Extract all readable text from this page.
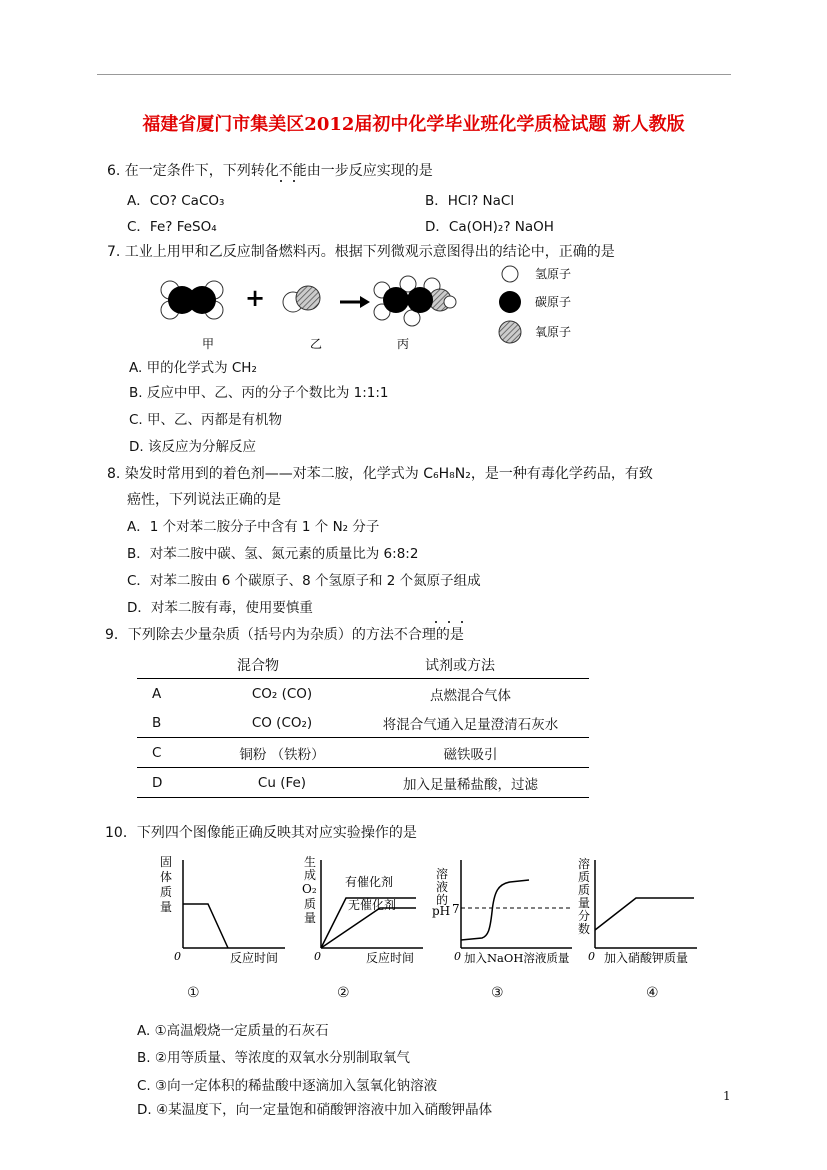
福建省厦门市集美区2012届初中化学毕业班化学质检试题 新人教版
6. 在一定条件下，下列转化不能由一步反应实现的是
A．CO? CaCO₃	B．HCl? NaCl
C．Fe? FeSO₄	D．Ca(OH)₂? NaOH
7. 工业上用甲和乙反应制备燃料丙。根据下列微观示意图得出的结论中，正确的是
+
甲	乙	丙
氢原子
碳原子
氧原子
A. 甲的化学式为 CH₂
B. 反应中甲、乙、丙的分子个数比为 1:1:1
C. 甲、乙、丙都是有机物
D. 该反应为分解反应
8. 染发时常用到的着色剂——对苯二胺，化学式为 C₆H₈N₂，是一种有毒化学药品，有致
癌性，下列说法正确的是
A．1 个对苯二胺分子中含有 1 个 N₂ 分子
B．对苯二胺中碳、氢、氮元素的质量比为 6:8:2
C．对苯二胺由 6 个碳原子、8 个氢原子和 2 个氮原子组成
D．对苯二胺有毒，使用要慎重
9．下列除去少量杂质（括号内为杂质）的方法不合理的是
混合物	试剂或方法
A	CO₂ (CO)	点燃混合气体
B	CO (CO₂)	将混合气通入足量澄清石灰水
C	铜粉 （铁粉）	磁铁吸引
D	Cu (Fe)	加入足量稀盐酸，过滤
10．下列四个图像能正确反映其对应实验操作的是
固
体
质
量
0	反应时间
生
成
O₂
质
量
有催化剂
无催化剂
0	反应时间
溶
液
的
pH 7
0 加入NaOH溶液质量
溶
质
质
量
分
数
0 加入硝酸钾质量
①	②	③	④
A. ①高温煅烧一定质量的石灰石
B. ②用等质量、等浓度的双氧水分别制取氧气
C. ③向一定体积的稀盐酸中逐滴加入氢氧化钠溶液
D. ④某温度下，向一定量饱和硝酸钾溶液中加入硝酸钾晶体
1
